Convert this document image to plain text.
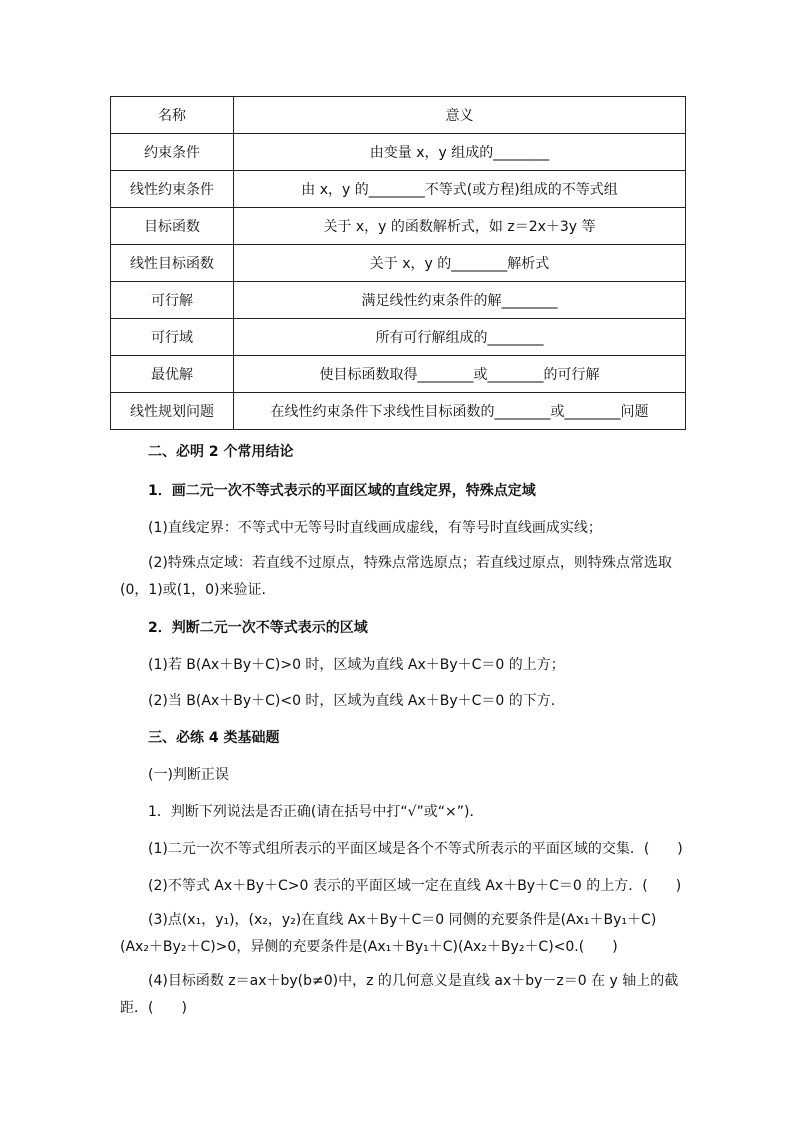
名称	意义
约束条件	由变量 x，y 组成的________
线性约束条件	由 x，y 的________不等式(或方程)组成的不等式组
目标函数	关于 x，y 的函数解析式，如 z＝2x＋3y 等
线性目标函数	关于 x，y 的________解析式
可行解	满足线性约束条件的解________
可行域	所有可行解组成的________
最优解	使目标函数取得________或________的可行解
线性规划问题	在线性约束条件下求线性目标函数的________或________问题
二、必明 2 个常用结论
1．画二元一次不等式表示的平面区域的直线定界，特殊点定域
(1)直线定界：不等式中无等号时直线画成虚线，有等号时直线画成实线；
(2)特殊点定域：若直线不过原点，特殊点常选原点；若直线过原点，则特殊点常选取(0，1)或(1，0)来验证．
2．判断二元一次不等式表示的区域
(1)若 B(Ax＋By＋C)>0 时，区域为直线 Ax＋By＋C＝0 的上方；
(2)当 B(Ax＋By＋C)<0 时，区域为直线 Ax＋By＋C＝0 的下方．
三、必练 4 类基础题
(一)判断正误
1．判断下列说法是否正确(请在括号中打“√”或“×”)．
(1)二元一次不等式组所表示的平面区域是各个不等式所表示的平面区域的交集．(　　)
(2)不等式 Ax＋By＋C>0 表示的平面区域一定在直线 Ax＋By＋C＝0 的上方．(　　)
(3)点(x₁，y₁)，(x₂，y₂)在直线 Ax＋By＋C＝0 同侧的充要条件是(Ax₁＋By₁＋C)(Ax₂＋By₂＋C)>0，异侧的充要条件是(Ax₁＋By₁＋C)(Ax₂＋By₂＋C)<0.(　　)
(4)目标函数 z＝ax＋by(b≠0)中，z 的几何意义是直线 ax＋by－z＝0 在 y 轴上的截距．(　　)
